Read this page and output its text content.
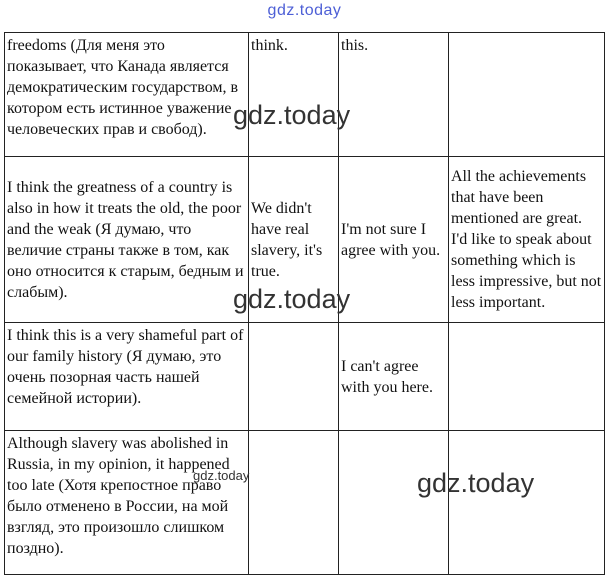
gdz.today
freedoms (Для меня это показывает, что Канада является демократическим государством, в котором есть истинное уважение человеческих прав и свобод).	think.	this.	
I think the greatness of a country is also in how it treats the old, the poor and the weak (Я думаю, что величие страны также в том, как оно относится к старым, бедным и слабым).	We didn't have real slavery, it's true.	I'm not sure I agree with you.	All the achievements that have been mentioned are great. I'd like to speak about something which is less impressive, but not less important.
I think this is a very shameful part of our family history (Я думаю, это очень позорная часть нашей семейной истории).		I can't agree with you here.	
Although slavery was abolished in Russia, in my opinion, it happened too late (Хотя крепостное право было отменено в России, на мой взгляд, это произошло слишком поздно).			
gdz.today
gdz.today
gdz.today	gdz.today
